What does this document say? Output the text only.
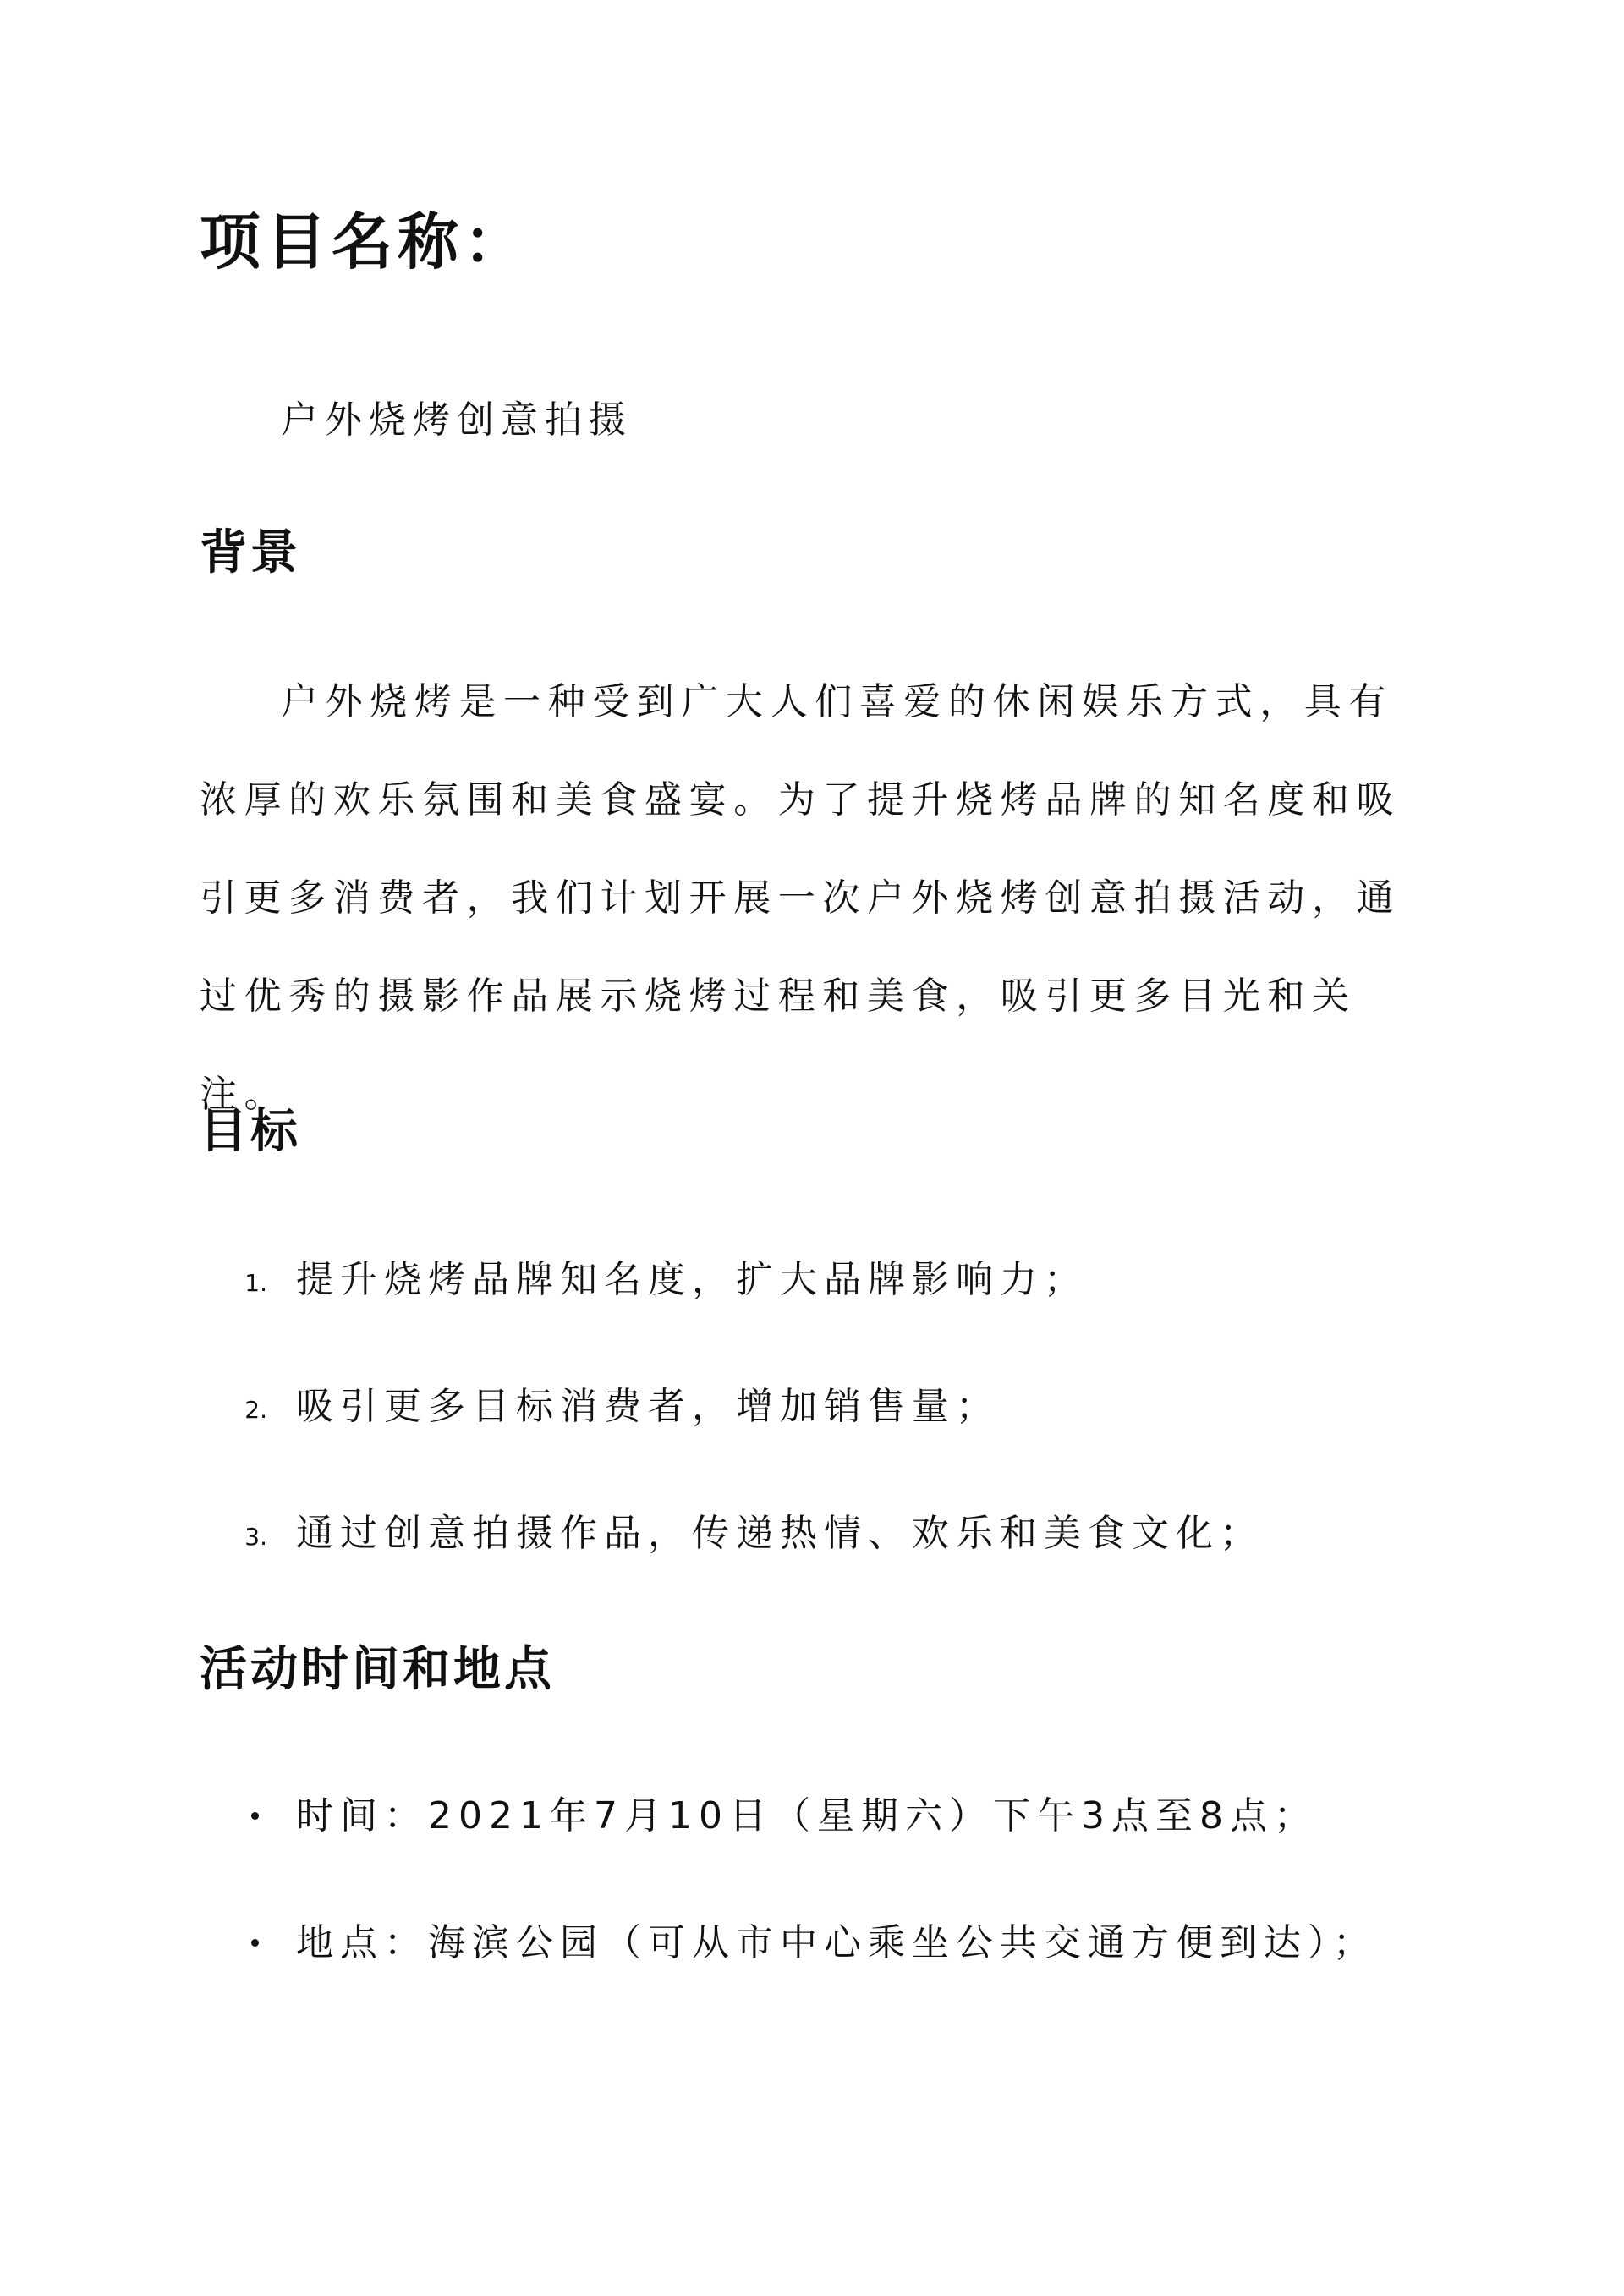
项目名称：

户外烧烤创意拍摄

背景

户外烧烤是一种受到广大人们喜爱的休闲娱乐方式，具有浓厚的欢乐氛围和美食盛宴。为了提升烧烤品牌的知名度和吸引更多消费者，我们计划开展一次户外烧烤创意拍摄活动，通过优秀的摄影作品展示烧烤过程和美食，吸引更多目光和关注。

目标
1. 提升烧烤品牌知名度，扩大品牌影响力；

2. 吸引更多目标消费者，增加销售量；

3. 通过创意拍摄作品，传递热情、欢乐和美食文化；

活动时间和地点

时间：2021年7月10日（星期六）下午3点至8点；

地点：海滨公园（可从市中心乘坐公共交通方便到达）；
